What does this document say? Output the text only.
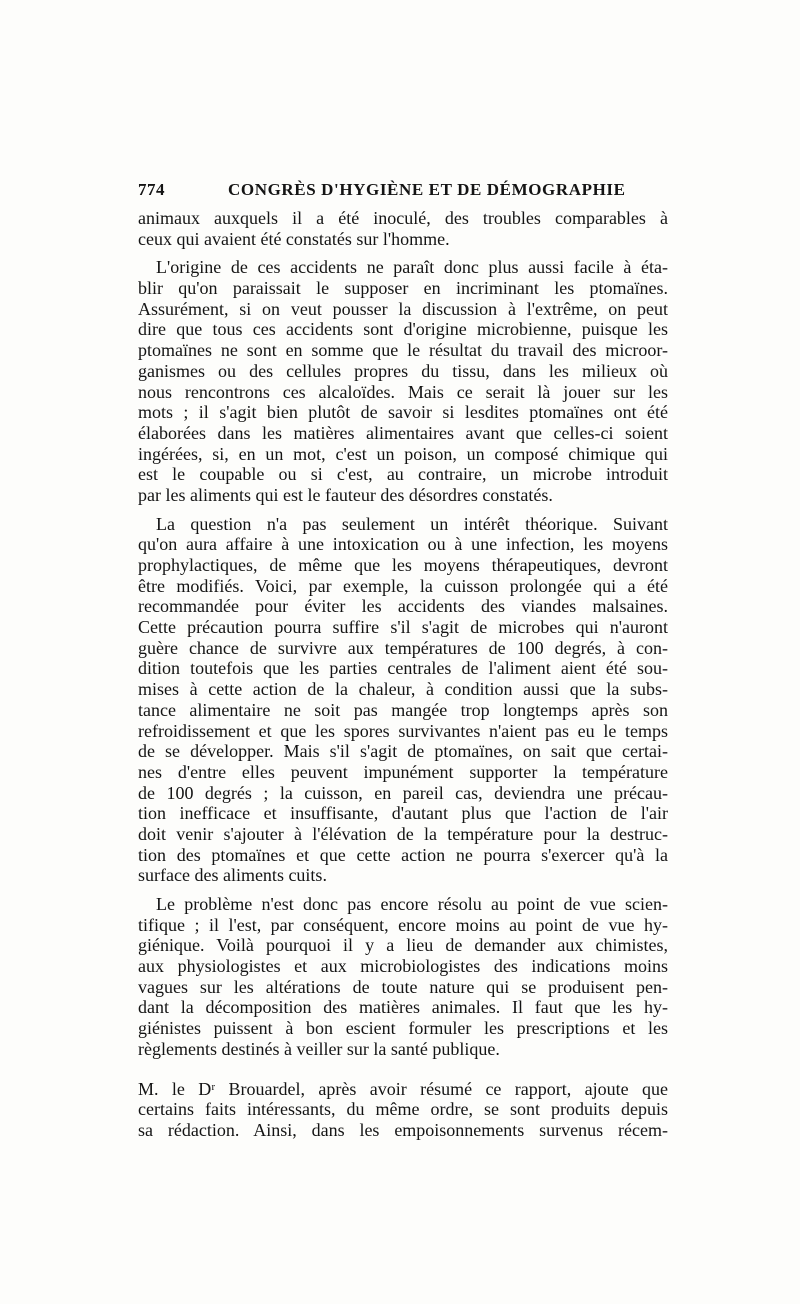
774	CONGRÈS D'HYGIÈNE ET DE DÉMOGRAPHIE
animaux auxquels il a été inoculé, des troubles comparables à
ceux qui avaient été constatés sur l'homme.
L'origine de ces accidents ne paraît donc plus aussi facile à éta-
blir qu'on paraissait le supposer en incriminant les ptomaïnes.
Assurément, si on veut pousser la discussion à l'extrême, on peut
dire que tous ces accidents sont d'origine microbienne, puisque les
ptomaïnes ne sont en somme que le résultat du travail des microor-
ganismes ou des cellules propres du tissu, dans les milieux où
nous rencontrons ces alcaloïdes. Mais ce serait là jouer sur les
mots ; il s'agit bien plutôt de savoir si lesdites ptomaïnes ont été
élaborées dans les matières alimentaires avant que celles-ci soient
ingérées, si, en un mot, c'est un poison, un composé chimique qui
est le coupable ou si c'est, au contraire, un microbe introduit
par les aliments qui est le fauteur des désordres constatés.
La question n'a pas seulement un intérêt théorique. Suivant
qu'on aura affaire à une intoxication ou à une infection, les moyens
prophylactiques, de même que les moyens thérapeutiques, devront
être modifiés. Voici, par exemple, la cuisson prolongée qui a été
recommandée pour éviter les accidents des viandes malsaines.
Cette précaution pourra suffire s'il s'agit de microbes qui n'auront
guère chance de survivre aux températures de 100 degrés, à con-
dition toutefois que les parties centrales de l'aliment aient été sou-
mises à cette action de la chaleur, à condition aussi que la subs-
tance alimentaire ne soit pas mangée trop longtemps après son
refroidissement et que les spores survivantes n'aient pas eu le temps
de se développer. Mais s'il s'agit de ptomaïnes, on sait que certai-
nes d'entre elles peuvent impunément supporter la température
de 100 degrés ; la cuisson, en pareil cas, deviendra une précau-
tion inefficace et insuffisante, d'autant plus que l'action de l'air
doit venir s'ajouter à l'élévation de la température pour la destruc-
tion des ptomaïnes et que cette action ne pourra s'exercer qu'à la
surface des aliments cuits.
Le problème n'est donc pas encore résolu au point de vue scien-
tifique ; il l'est, par conséquent, encore moins au point de vue hy-
giénique. Voilà pourquoi il y a lieu de demander aux chimistes,
aux physiologistes et aux microbiologistes des indications moins
vagues sur les altérations de toute nature qui se produisent pen-
dant la décomposition des matières animales. Il faut que les hy-
giénistes puissent à bon escient formuler les prescriptions et les
règlements destinés à veiller sur la santé publique.
M. le Dʳ Brouardel, après avoir résumé ce rapport, ajoute que
certains faits intéressants, du même ordre, se sont produits depuis
sa rédaction. Ainsi, dans les empoisonnements survenus récem-
